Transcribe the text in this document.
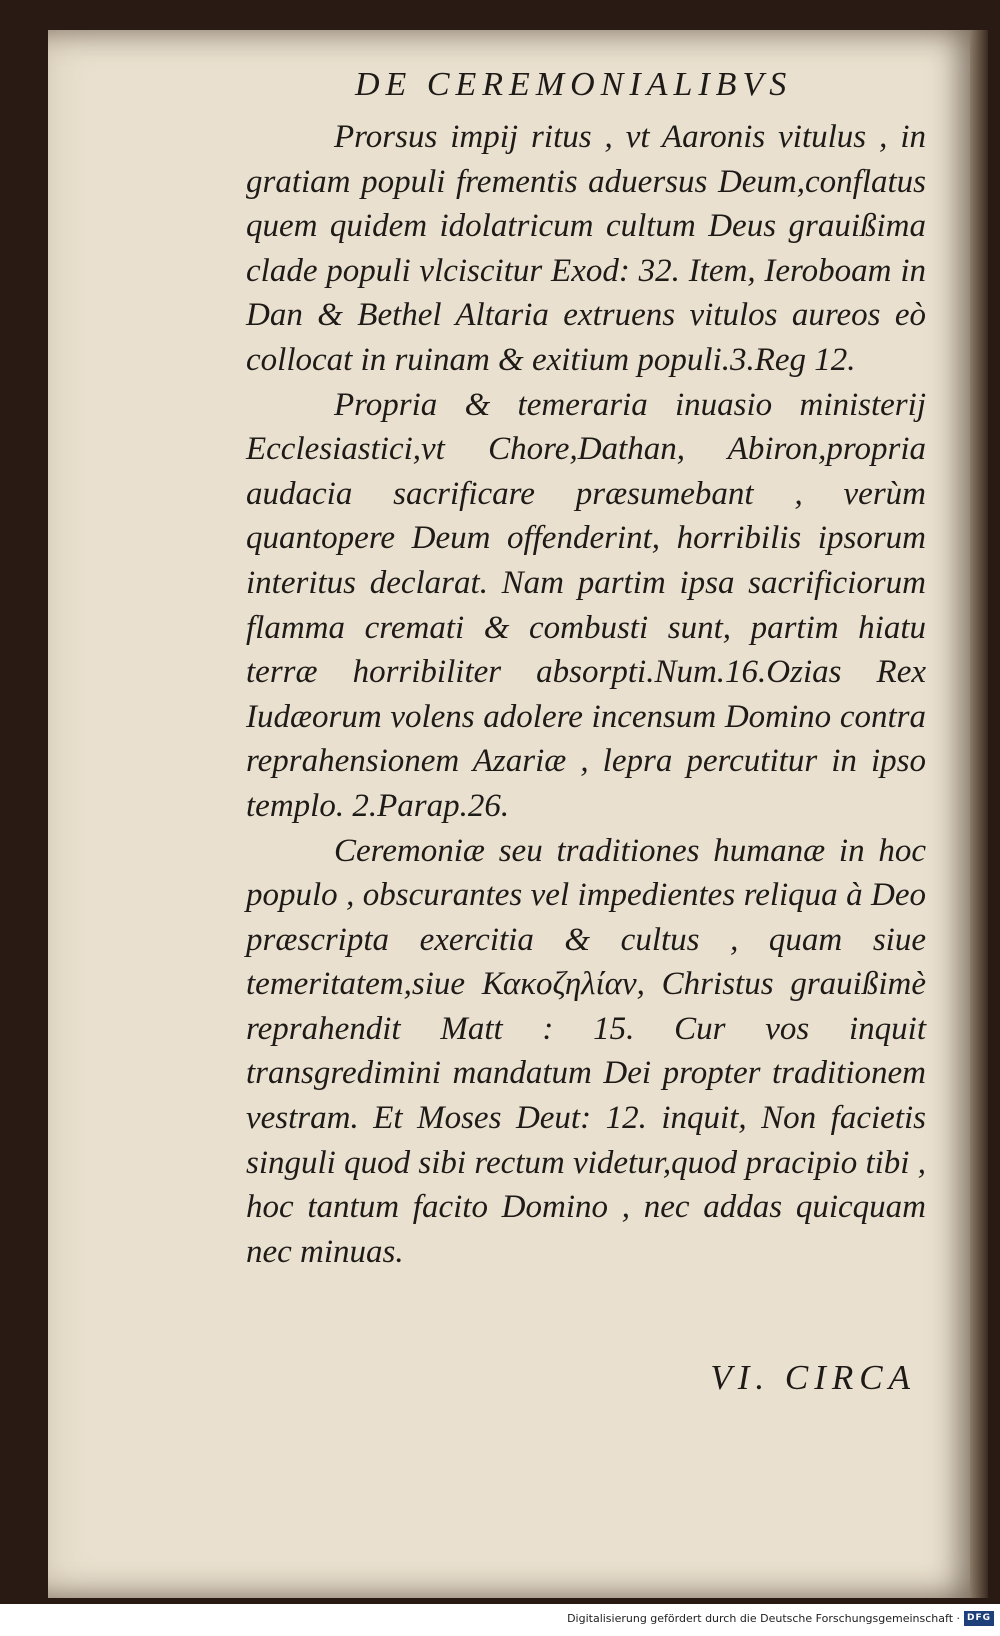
DE CEREMONIALIBVS

Prorsus impij ritus , vt Aaronis vitulus , in gratiam populi frementis aduersus Deum,conflatus quem quidem idolatricum cultum Deus grauißima clade populi vlciscitur Exod: 32. Item, Ieroboam in Dan & Bethel Altaria extruens vitulos aureos eò collocat in ruinam & exitium populi.3.Reg 12.

Propria & temeraria inuasio ministerij Ecclesiastici,vt Chore,Dathan, Abiron,propria audacia sacrificare præsumebant , verùm quantopere Deum offenderint, horribilis ipsorum interitus declarat. Nam partim ipsa sacrificiorum flamma cremati & combusti sunt, partim hiatu terræ horribiliter absorpti.Num.16.Ozias Rex Iudæorum volens adolere incensum Domino contra reprahensionem Azariæ , lepra percutitur in ipso templo. 2.Parap.26.

Ceremoniæ seu traditiones humanæ in hoc populo , obscurantes vel impedientes reliqua à Deo præscripta exercitia & cultus , quam siue temeritatem,siue Κακοζηλίαν, Christus grauißimè reprahendit Matt : 15. Cur vos inquit transgredimini mandatum Dei propter traditionem vestram. Et Moses Deut: 12. inquit, Non facietis singuli quod sibi rectum videtur,quod pracipio tibi , hoc tantum facito Domino , nec addas quicquam nec minuas.

VI. CIRCA
Digitalisierung gefördert durch die Deutsche Forschungsgemeinschaft · DFG
